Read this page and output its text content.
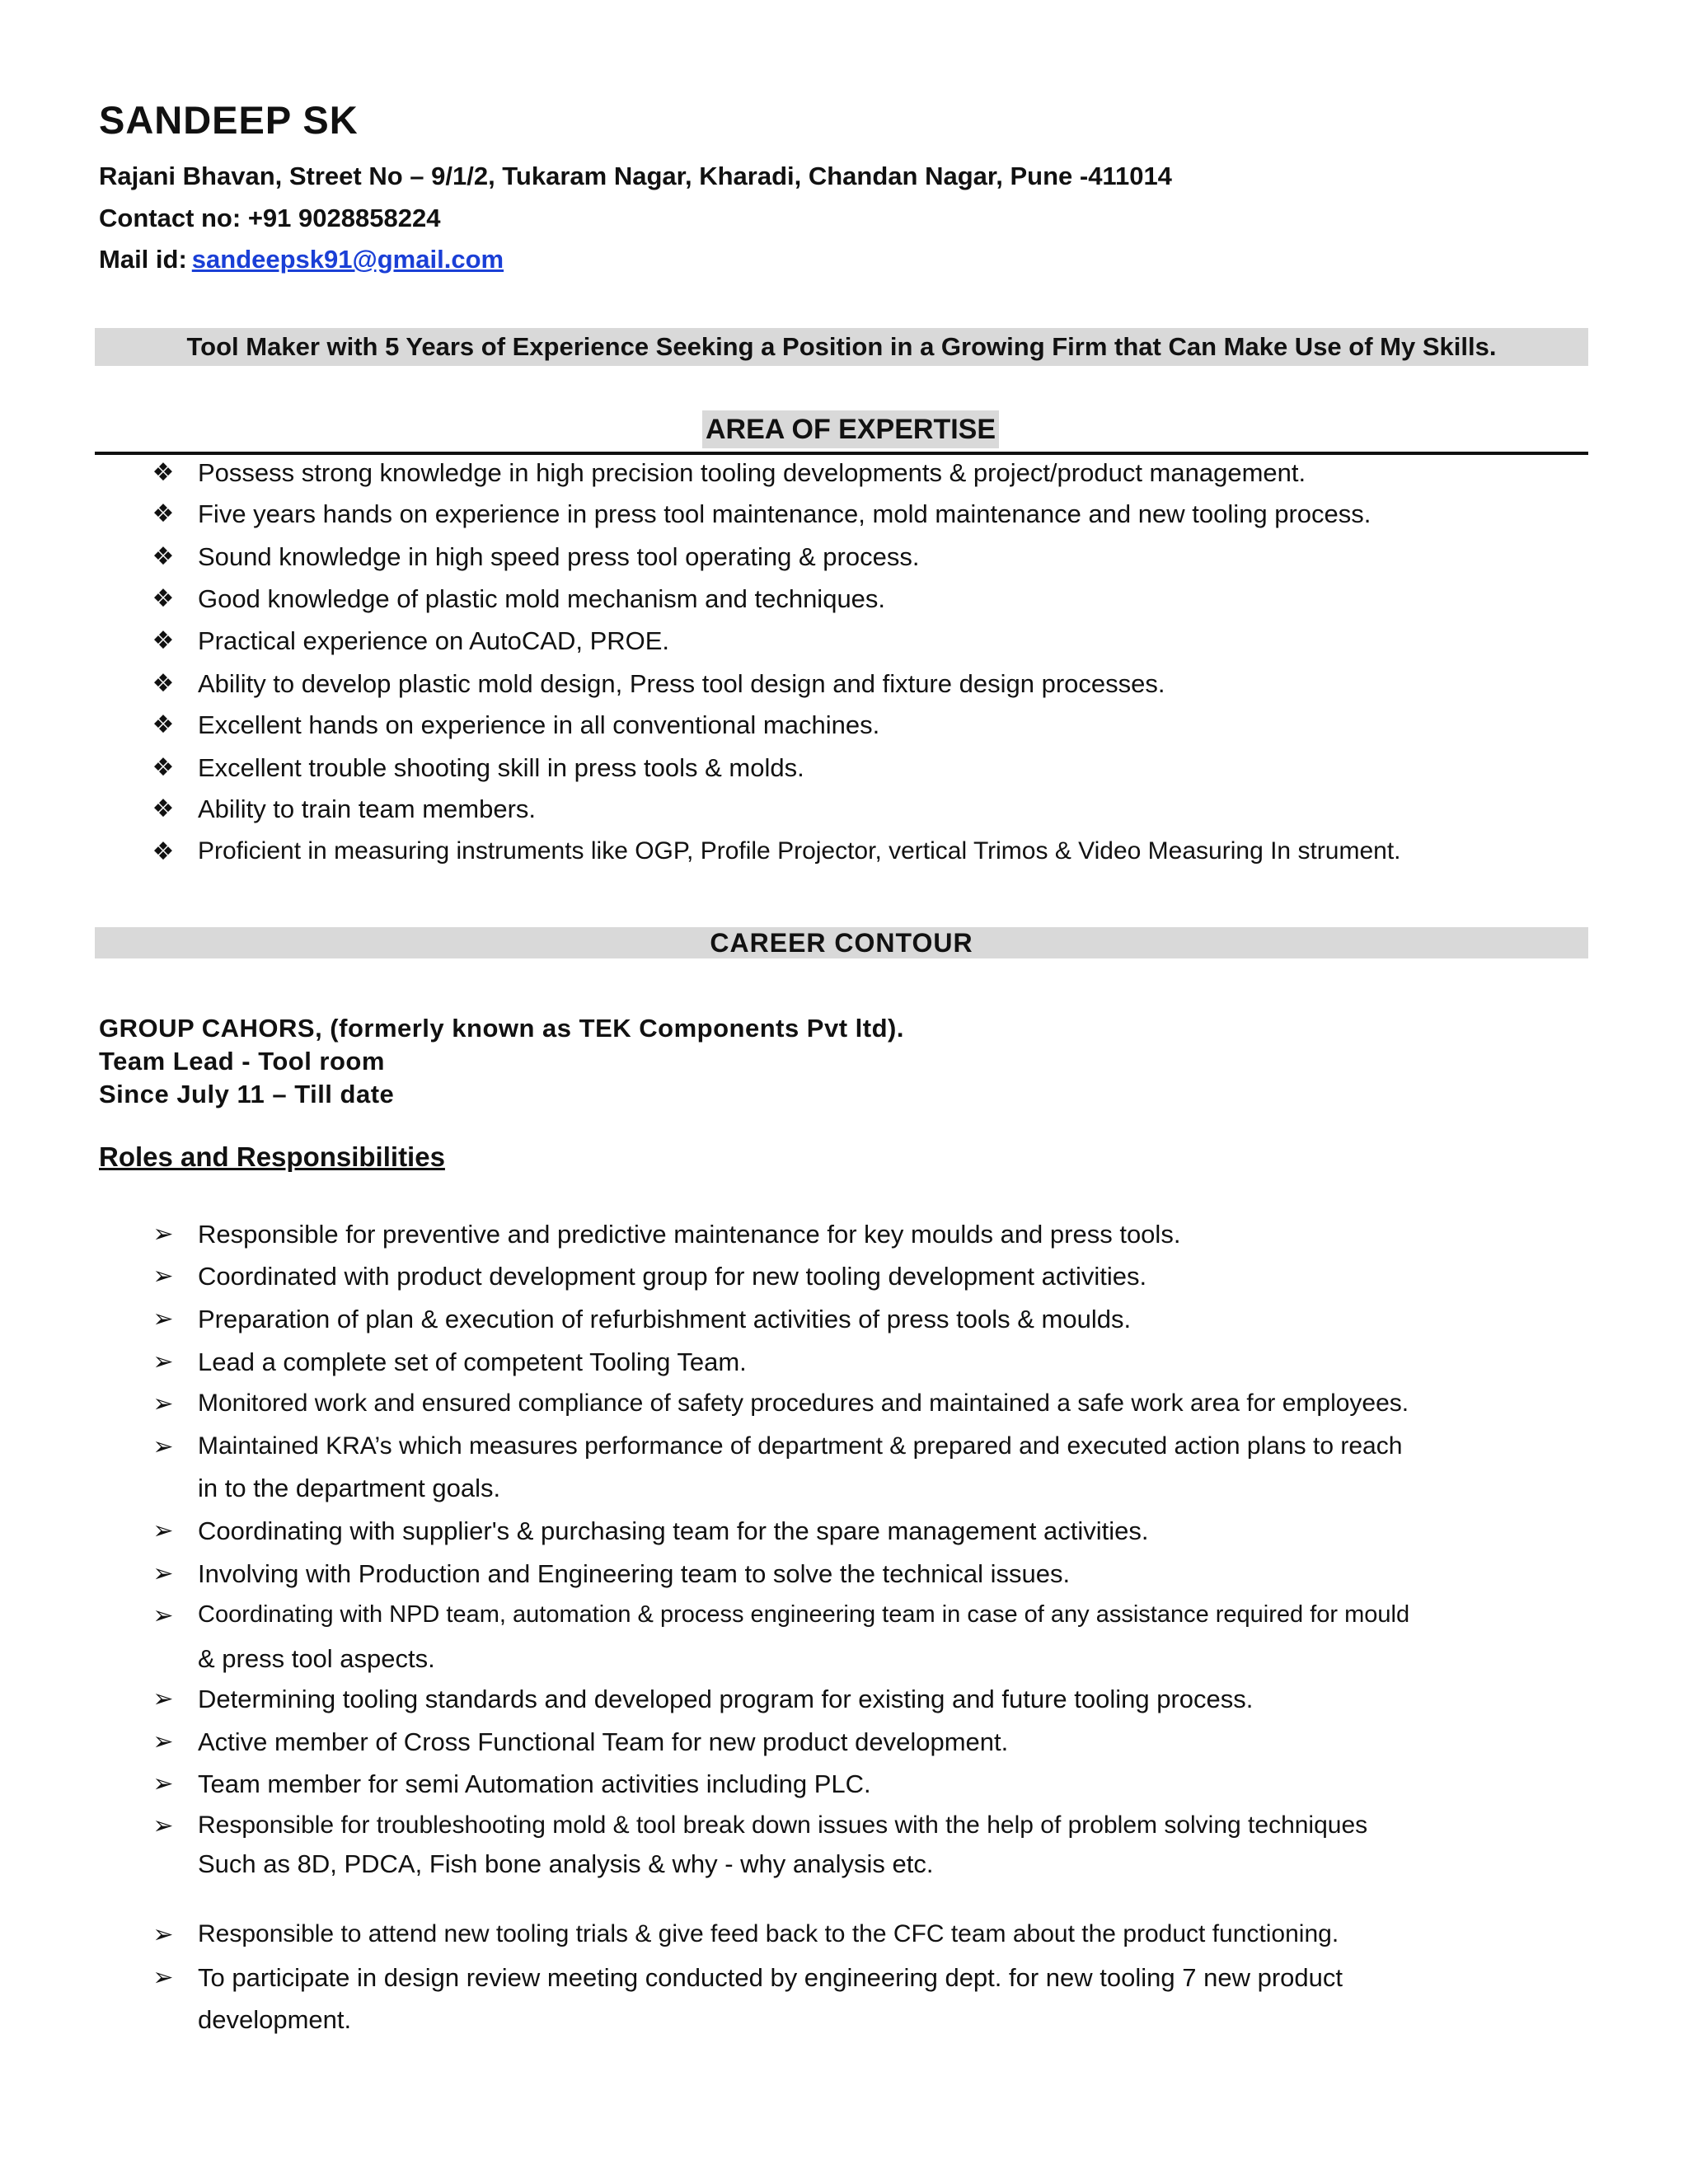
SANDEEP SK
Rajani Bhavan, Street No – 9/1/2, Tukaram Nagar, Kharadi, Chandan Nagar, Pune -411014
Contact no: +91 9028858224
Mail id: sandeepsk91@gmail.com
Tool Maker with 5 Years of Experience Seeking a Position in a Growing Firm that Can Make Use of My Skills.
AREA OF EXPERTISE
❖ Possess strong knowledge in high precision tooling developments & project/product management.
❖ Five years hands on experience in press tool maintenance, mold maintenance and new tooling process.
❖ Sound knowledge in high speed press tool operating & process.
❖ Good knowledge of plastic mold mechanism and techniques.
❖ Practical experience on AutoCAD, PROE.
❖ Ability to develop plastic mold design, Press tool design and fixture design processes.
❖ Excellent hands on experience in all conventional machines.
❖ Excellent trouble shooting skill in press tools & molds.
❖ Ability to train team members.
❖ Proficient in measuring instruments like OGP, Profile Projector, vertical Trimos & Video Measuring In strument.
CAREER CONTOUR
GROUP CAHORS, (formerly known as TEK Components Pvt ltd).
Team Lead - Tool room
Since July 11 – Till date
Roles and Responsibilities
➢ Responsible for preventive and predictive maintenance for key moulds and press tools.
➢ Coordinated with product development group for new tooling development activities.
➢ Preparation of plan & execution of refurbishment activities of press tools & moulds.
➢ Lead a complete set of competent Tooling Team.
➢ Monitored work and ensured compliance of safety procedures and maintained a safe work area for employees.
➢ Maintained KRA’s which measures performance of department & prepared and executed action plans to reach
in to the department goals.
➢ Coordinating with supplier's & purchasing team for the spare management activities.
➢ Involving with Production and Engineering team to solve the technical issues.
➢ Coordinating with NPD team, automation & process engineering team in case of any assistance required for mould
& press tool aspects.
➢ Determining tooling standards and developed program for existing and future tooling process.
➢ Active member of Cross Functional Team for new product development.
➢ Team member for semi Automation activities including PLC.
➢ Responsible for troubleshooting mold & tool break down issues with the help of problem solving techniques
Such as 8D, PDCA, Fish bone analysis & why - why analysis etc.
➢ Responsible to attend new tooling trials & give feed back to the CFC team about the product functioning.
➢ To participate in design review meeting conducted by engineering dept. for new tooling 7 new product
development.
